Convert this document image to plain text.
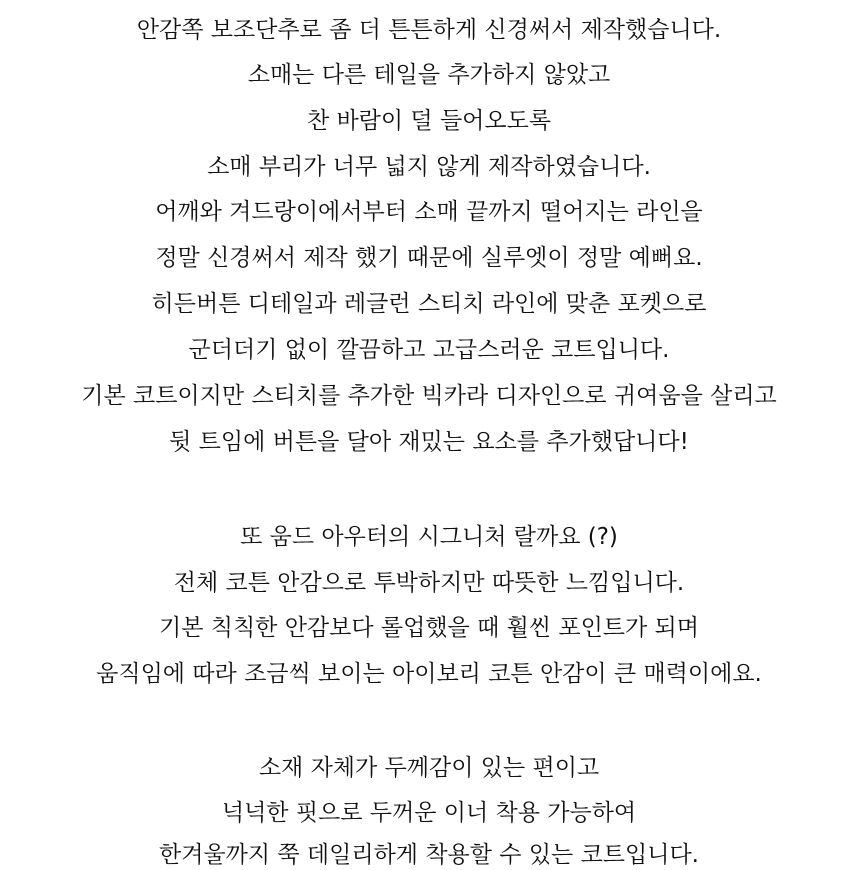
안감쪽 보조단추로 좀 더 튼튼하게 신경써서 제작했습니다.
소매는 다른 테일을 추가하지 않았고
찬 바람이 덜 들어오도록
소매 부리가 너무 넓지 않게 제작하였습니다.
어깨와 겨드랑이에서부터 소매 끝까지 떨어지는 라인을
정말 신경써서 제작 했기 때문에 실루엣이 정말 예뻐요.
히든버튼 디테일과 레글런 스티치 라인에 맞춘 포켓으로
군더더기 없이 깔끔하고 고급스러운 코트입니다.
기본 코트이지만 스티치를 추가한 빅카라 디자인으로 귀여움을 살리고
뒷 트임에 버튼을 달아 재밌는 요소를 추가했답니다!
또 움드 아우터의 시그니처 랄까요 (?)
전체 코튼 안감으로 투박하지만 따뜻한 느낌입니다.
기본 칙칙한 안감보다 롤업했을 때 훨씬 포인트가 되며
움직임에 따라 조금씩 보이는 아이보리 코튼 안감이 큰 매력이에요.
소재 자체가 두께감이 있는 편이고
넉넉한 핏으로 두꺼운 이너 착용 가능하여
한겨울까지 쭉 데일리하게 착용할 수 있는 코트입니다.
